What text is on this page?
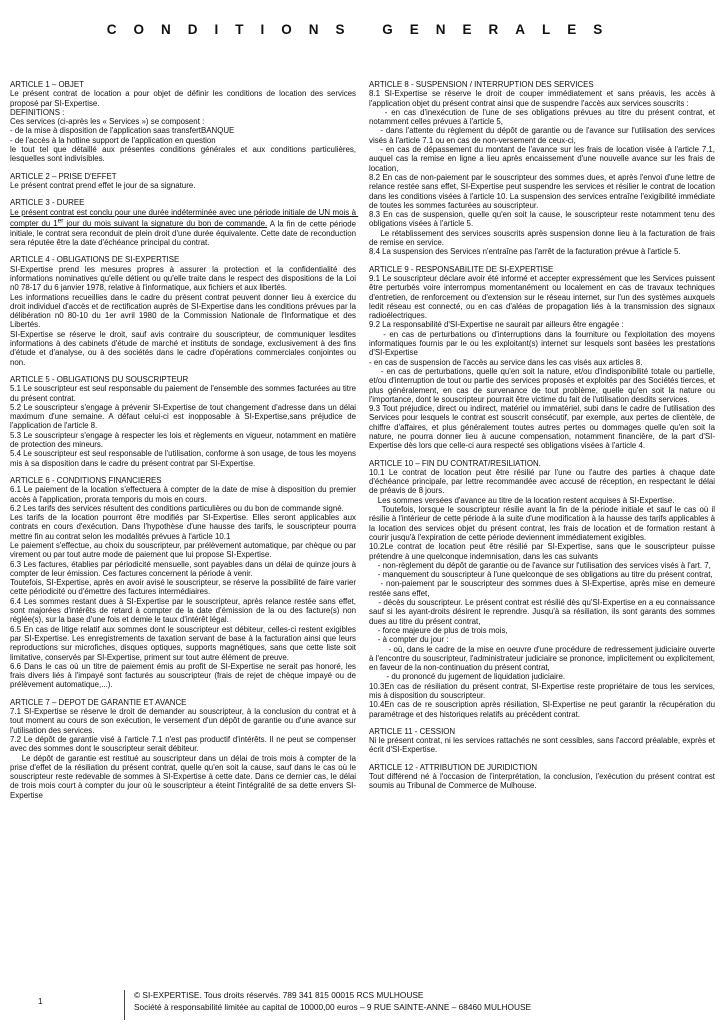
CONDITIONS GENERALES
ARTICLE 1 – OBJET
Le présent contrat de location a pour objet de définir les conditions de location des services proposé par SI-Expertise.
DEFINITIONS :
Ces services (ci-après les « Services ») se composent :
- de la mise à disposition de l'application saas transfertBANQUE
- de l'accès à la hotline support de l'application en question
le tout tel que détaillé aux présentes conditions générales et aux conditions particulières, lesquelles sont indivisibles.
ARTICLE 2 – PRISE D'EFFET
Le présent contrat prend effet le jour de sa signature.
ARTICLE 3 - DUREE
Le présent contrat est conclu pour une durée indéterminée avec une période initiale de UN mois à compter du 1er jour du mois suivant la signature du bon de commande. A la fin de cette période initiale, le contrat sera reconduit de plein droit d'une durée équivalente. Cette date de reconduction sera réputée être la date d'échéance principal du contrat.
ARTICLE 4 - OBLIGATIONS DE SI-EXPERTISE
SI-Expertise prend les mesures propres à assurer la protection et la confidentialité des informations nominatives qu'elle détient ou qu'elle traite dans le respect des dispositions de la Loi n0 78-17 du 6 janvier 1978, relative à l'informatique, aux fichiers et aux libertés.
Les informations recueillies dans le cadre du présent contrat peuvent donner lieu à exercice du droit individuel d'accès et de rectification auprès de SI-Expertise dans les conditions prévues par la délibération n0 80-10 du 1er avril 1980 de la Commission Nationale de l'Informatique et des Libertés.
SI-Expertise se réserve le droit, sauf avis contraire du souscripteur, de communiquer lesdites informations à des cabinets d'étude de marché et instituts de sondage, exclusivement à des fins d'étude et d'analyse, ou à des sociétés dans le cadre d'opérations commerciales conjointes ou non.
ARTICLE 5 - OBLIGATIONS DU SOUSCRIPTEUR
5.1 Le souscripteur est seul responsable du paiement de l'ensemble des sommes facturées au titre du présent contrat.
5.2 Le souscripteur s'engage à prévenir SI-Expertise de tout changement d'adresse dans un délai maximum d'une semaine. A défaut celui-ci est inopposable à SI-Expertise,sans préjudice de l'application de l'article 8.
5.3 Le souscripteur s'engage à respecter les lois et règlements en vigueur, notamment en matière de protection des mineurs.
5.4 Le souscripteur est seul responsable de l'utilisation, conforme à son usage, de tous les moyens mis à sa disposition dans le cadre du présent contrat par SI-Expertise.
ARTICLE 6 - CONDITIONS FINANCIERES
6.1 Le paiement de la location s'effectuera à compter de la date de mise à disposition du premier accès à l'application, prorata temporis du mois en cours.
6.2 Les tarifs des services résultent des conditions particulières ou du bon de commande signé.
Les tarifs de la location pourront être modifiés par SI-Expertise. Elles seront applicables aux contrats en cours d'exécution. Dans l'hypothèse d'une hausse des tarifs, le souscripteur pourra mettre fin au contrat selon les modalités prévues à l'article 10.1
Le paiement s'effectue, au choix du souscripteur, par prélèvement automatique, par chèque ou par virement ou par tout autre mode de paiement que lui propose SI-Expertise.
6.3 Les factures, établies par périodicité mensuelle, sont payables dans un délai de quinze jours à compter de leur émission. Ces factures concernent la période à venir.
Toutefois, SI-Expertise, après en avoir avisé le souscripteur, se réserve la possibilité de faire varier cette périodicité ou d'émettre des factures intermédiaires.
6.4 Les sommes restant dues à SI-Expertise par le souscripteur, après relance restée sans effet, sont majorées d'intérêts de retard à compter de la date d'émission de la ou des facture(s) non réglée(s), sur la base d'une fois et demie le taux d'intérêt légal.
6.5 En cas de litige relatif aux sommes dont le souscripteur est débiteur, celles-ci restent exigibles par SI-Expertise. Les enregistrements de taxation servant de base à la facturation ainsi que leurs reproductions sur microfiches, disques optiques, supports magnétiques, sans que cette liste soit limitative, conservés par SI-Expertise, priment sur tout autre élément de preuve.
6.6 Dans le cas où un titre de paiement émis au profit de SI-Expertise ne serait pas honoré, les frais divers liés à l'impayé sont facturés au souscripteur (frais de rejet de chèque impayé ou de prélèvement automatique,...).
ARTICLE 7 – DEPOT DE GARANTIE ET AVANCE
7.1 SI-Expertise se réserve le droit de demander au souscripteur, à la conclusion du contrat et à tout moment au cours de son exécution, le versement d'un dépôt de garantie ou d'une avance sur l'utilisation des services.
7.2 Le dépôt de garantie visé à l'article 7.1 n'est pas productif d'intérêts. Il ne peut se compenser avec des sommes dont le souscripteur serait débiteur.
Le dépôt de garantie est restitué au souscripteur dans un délai de trois mois à compter de la prise d'effet de la résiliation du présent contrat, quelle qu'en soit la cause, sauf dans le cas où le souscripteur reste redevable de sommes à SI-Expertise à cette date. Dans ce dernier cas, le délai de trois mois court à compter du jour où le souscripteur a éteint l'intégralité de sa dette envers SI-Expertise
ARTICLE 8 - SUSPENSION / INTERRUPTION DES SERVICES
8.1 SI-Expertise se réserve le droit de couper immédiatement et sans préavis, les accès à l'application objet du présent contrat ainsi que de suspendre l'accès aux services souscrits :
- en cas d'inexécution de l'une de ses obligations prévues au titre du présent contrat, et notamment celles prévues à l'article 5,
- dans l'attente du règlement du dépôt de garantie ou de l'avance sur l'utilisation des services visés à l'article 7.1 ou en cas de non-versement de ceux-ci,
- en cas de dépassement du montant de l'avance sur les frais de location visée à l'article 7.1, auquel cas la remise en ligne a lieu après encaissement d'une nouvelle avance sur les frais de location,
8.2 En cas de non-paiement par le souscripteur des sommes dues, et après l'envoi d'une lettre de relance restée sans effet, SI-Expertise peut suspendre les services et résilier le contrat de location dans les conditions visées à l'article 10. La suspension des services entraîne l'exigibilité immédiate de toutes les sommes facturées au souscripteur.
8.3 En cas de suspension, quelle qu'en soit la cause, le souscripteur reste notamment tenu des obligations visées à l'article 5.
Le rétablissement des services souscrits après suspension donne lieu à la facturation de frais de remise en service.
8.4 La suspension des Services n'entraîne pas l'arrêt de la facturation prévue à l'article 5.
ARTICLE 9 - RESPONSABILITE DE SI-EXPERTISE
9.1 Le souscripteur déclare avoir été informé et accepter expressément que les Services puissent être perturbés voire interrompus momentanément ou localement en cas de travaux techniques d'entretien, de renforcement ou d'extension sur le réseau internet, sur l'un des systèmes auxquels ledit réseau est connecté, ou en cas d'aléas de propagation liés à la transmission des signaux radioélectriques.
9.2 La responsabilité d'SI-Expertise ne saurait par ailleurs être engagée :
- en cas de perturbations ou d'interruptions dans la fourniture ou l'exploitation des moyens informatiques fournis par le ou les exploitant(s) internet sur lesquels sont basées les prestations d'SI-Expertise
- en cas de suspension de l'accès au service dans les cas visés aux articles 8.
- en cas de perturbations, quelle qu'en soit la nature, et/ou d'indisponibilité totale ou partielle, et/ou d'interruption de tout ou partie des services proposés et exploités par des Sociétés tierces, et plus généralement, en cas de survenance de tout problème, quelle qu'en soit la nature ou l'importance, dont le souscripteur pourrait être victime du fait de l'utilisation desdits services.
9.3 Tout préjudice, direct ou indirect, matériel ou immatériel, subi dans le cadre de l'utilisation des Services pour lesquels le contrat est souscrit consécutif, par exemple, aux pertes de clientèle, de chiffre d'affaires, et plus généralement toutes autres pertes ou dommages quelle qu'en soit la nature, ne pourra donner lieu à aucune compensation, notamment financière, de la part d'SI-Expertise dès lors que celle-ci aura respecté ses obligations visées à l'article 4.
ARTICLE 10 – FIN DU CONTRAT/RESILIATION.
10.1 Le contrat de location peut être résilié par l'une ou l'autre des parties à chaque date d'échéance principale, par lettre recommandée avec accusé de réception, en respectant le délai de préavis de 8 jours.
Les sommes versées d'avance au titre de la location restent acquises à SI-Expertise.
Toutefois, lorsque le souscripteur résilie avant la fin de la période initiale et sauf le cas où il résilie à l'intérieur de cette période à la suite d'une modification à la hausse des tarifs applicables à la location des services objet du présent contrat, les frais de location et de formation restant à courir jusqu'à l'expiration de cette période deviennent immédiatement exigibles.
10.2Le contrat de location peut être résilié par SI-Expertise, sans que le souscripteur puisse prétendre à une quelconque indemnisation, dans les cas suivants
- non-règlement du dépôt de garantie ou de l'avance sur l'utilisation des services visés à l'art. 7,
- manquement du souscripteur à l'une quelconque de ses obligations au titre du présent contrat,
- non-paiement par le souscripteur des sommes dues à SI-Expertise, après mise en demeure restée sans effet,
- décès du souscripteur. Le présent contrat est résilié dès qu'SI-Expertise en a eu connaissance sauf si les ayant-droits désirent le reprendre. Jusqu'à sa résiliation, ils sont garants des sommes dues au titre du présent contrat,
- force majeure de plus de trois mois,
- à compter du jour :
- où, dans le cadre de la mise en oeuvre d'une procédure de redressement judiciaire ouverte à l'encontre du souscripteur, l'administrateur judiciaire se prononce, implicitement ou explicitement, en faveur de la non-continuation du présent contrat,
- du prononcé du jugement de liquidation judiciaire.
10.3En cas de résiliation du présent contrat, SI-Expertise reste propriétaire de tous les services, mis à disposition du souscripteur.
10.4En cas de re souscription après résiliation, SI-Expertise ne peut garantir la récupération du paramétrage et des historiques relatifs au précédent contrat.
ARTICLE 11 - CESSION
Ni le présent contrat, ni les services rattachés ne sont cessibles, sans l'accord préalable, exprès et écrit d'SI-Expertise.
ARTICLE 12 - ATTRIBUTION DE JURIDICTION
Tout différend né à l'occasion de l'interprétation, la conclusion, l'exécution du présent contrat est soumis au Tribunal de Commerce de Mulhouse.
1
© SI-EXPERTISE. Tous droits réservés. 789 341 815 00015 RCS MULHOUSE
Société à responsabilité limitée au capital de 10000,00 euros – 9 RUE SAINTE-ANNE – 68460 MULHOUSE
